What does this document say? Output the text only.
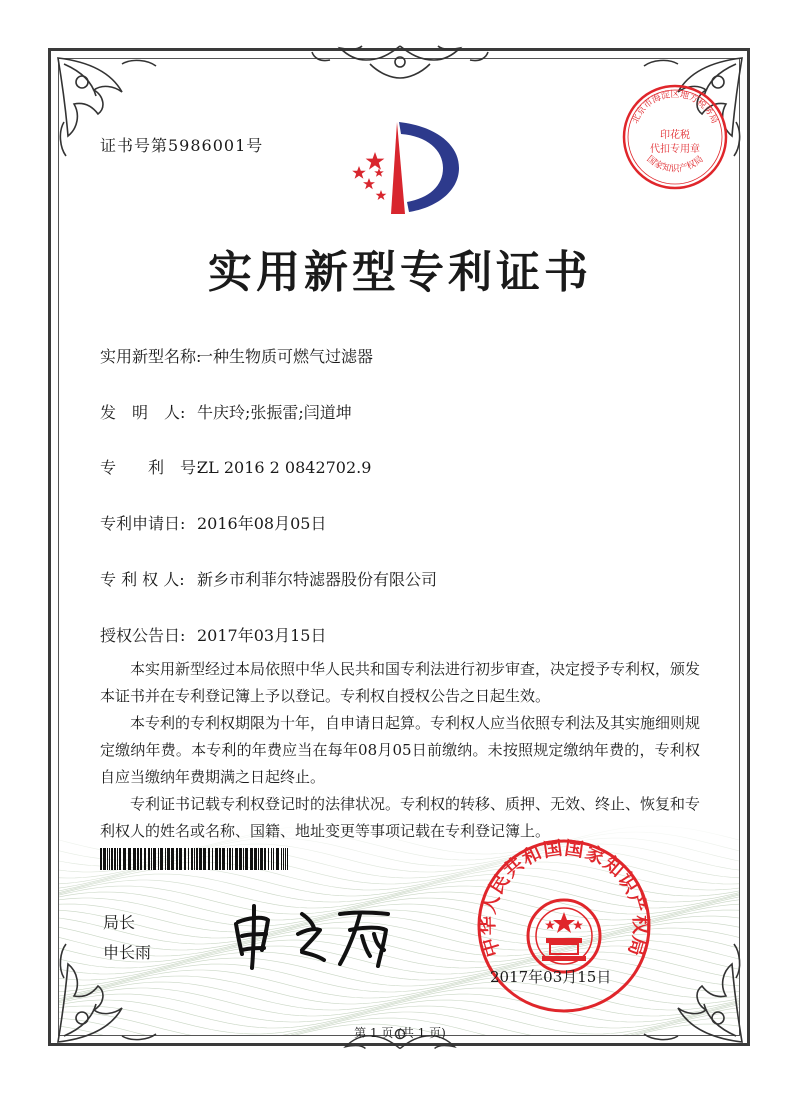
北京市海淀区地方税务局
国家知识产权局
印花税
代扣专用章
证书号第5986001号
实用新型专利证书
实用新型名称:一种生物质可燃气过滤器
发　明　人: 牛庆玲;张振雷;闫道坤
专　　利　号:ZL 2016 2 0842702.9
专利申请日: 2016年08月05日
专 利 权 人: 新乡市利菲尔特滤器股份有限公司
授权公告日: 2017年03月15日

本实用新型经过本局依照中华人民共和国专利法进行初步审查，决定授予专利权，颁发本证书并在专利登记簿上予以登记。专利权自授权公告之日起生效。

本专利的专利权期限为十年，自申请日起算。专利权人应当依照专利法及其实施细则规定缴纳年费。本专利的年费应当在每年08月05日前缴纳。未按照规定缴纳年费的，专利权自应当缴纳年费期满之日起终止。

专利证书记载专利权登记时的法律状况。专利权的转移、质押、无效、终止、恢复和专利权人的姓名或名称、国籍、地址变更等事项记载在专利登记簿上。

局长
申长雨	中华人民共和国国家知识产权局
2017年03月15日
第 1 页 (共 1 页)
